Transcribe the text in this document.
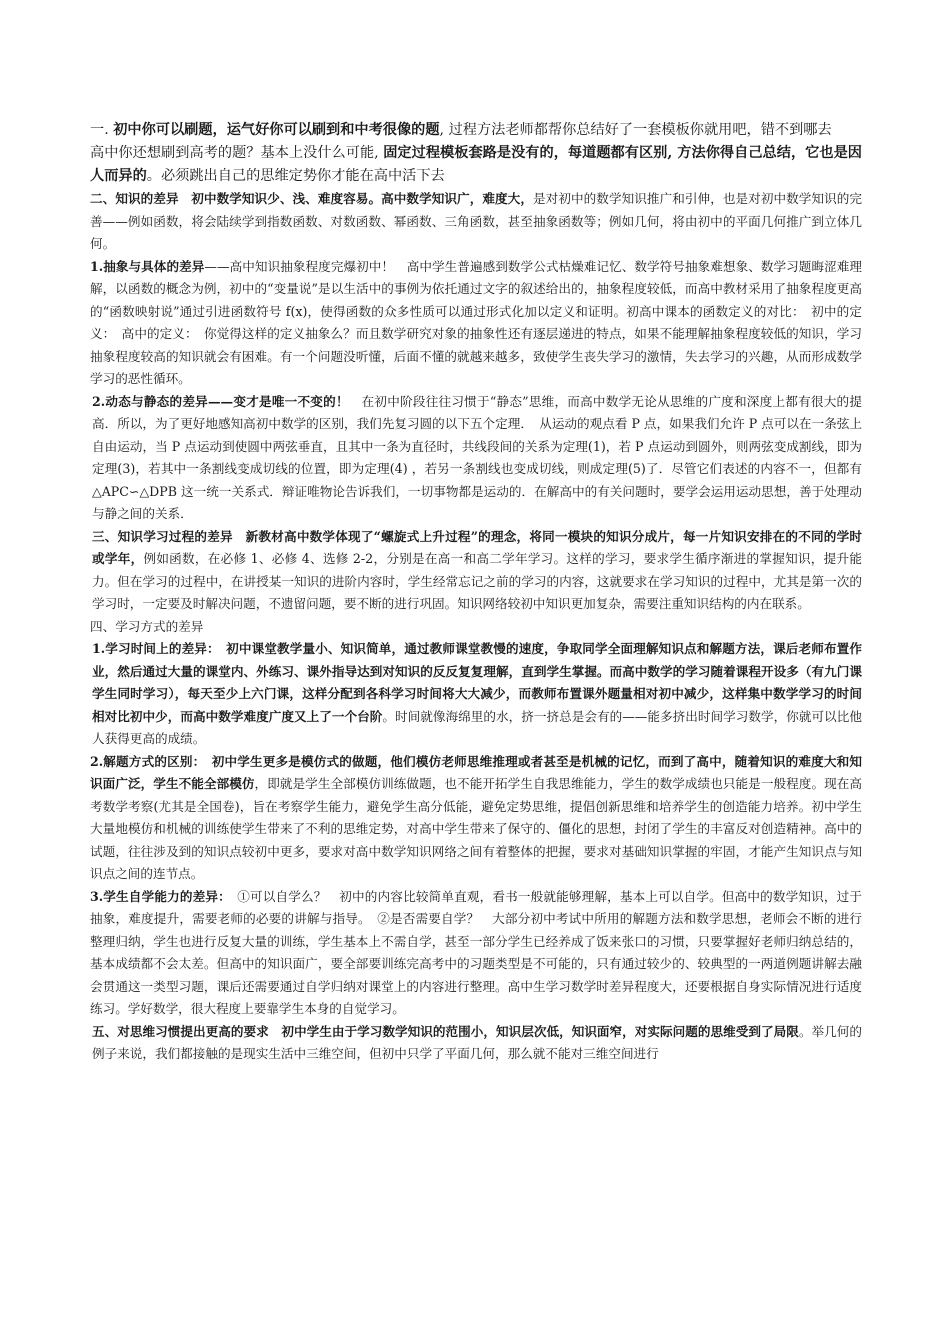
一. 初中你可以刷题，运气好你可以刷到和中考很像的题, 过程方法老师都帮你总结好了一套模板你就用吧，错不到哪去

高中你还想刷到高考的题？基本上没什么可能, 固定过程模板套路是没有的，每道题都有区别, 方法你得自己总结，它也是因人而异的。必须跳出自己的思维定势你才能在高中活下去

二、知识的差异　初中数学知识少、浅、难度容易。高中数学知识广，难度大，是对初中的数学知识推广和引伸，也是对初中数学知识的完善——例如函数，将会陆续学到指数函数、对数函数、幂函数、三角函数，甚至抽象函数等；例如几何，将由初中的平面几何推广到立体几何。

1.抽象与具体的差异——高中知识抽象程度完爆初中！　高中学生普遍感到数学公式枯燥难记忆、数学符号抽象难想象、数学习题晦涩难理解，以函数的概念为例，初中的“变量说”是以生活中的事例为依托通过文字的叙述给出的，抽象程度较低，而高中教材采用了抽象程度更高的“函数映射说”通过引进函数符号 f(x)，使得函数的众多性质可以通过形式化加以定义和证明。初高中课本的函数定义的对比：　初中的定义：　高中的定义：　你觉得这样的定义抽象么？而且数学研究对象的抽象性还有逐层递进的特点，如果不能理解抽象程度较低的知识，学习抽象程度较高的知识就会有困难。有一个问题没听懂，后面不懂的就越来越多，致使学生丧失学习的激情，失去学习的兴趣，从而形成数学学习的恶性循环。

2.动态与静态的差异——变才是唯一不变的！　在初中阶段往往习惯于“静态”思维，而高中数学无论从思维的广度和深度上都有很大的提高．所以，为了更好地感知高初中数学的区别，我们先复习圆的以下五个定理．　从运动的观点看 P 点，如果我们允许 P 点可以在一条弦上自由运动，当 P 点运动到使圆中两弦垂直，且其中一条为直径时，共线段间的关系为定理(1)，若 P 点运动到圆外，则两弦变成割线，即为定理(3)，若其中一条割线变成切线的位置，即为定理(4) ，若另一条割线也变成切线，则成定理(5)了．尽管它们表述的内容不一，但都有△APC∽△DPB 这一统一关系式．辩证唯物论告诉我们，一切事物都是运动的．在解高中的有关问题时，要学会运用运动思想，善于处理动与静之间的关系．

三、知识学习过程的差异　新教材高中数学体现了“螺旋式上升过程”的理念，将同一模块的知识分成片，每一片知识安排在的不同的学时或学年，例如函数，在必修 1、必修 4、选修 2-2，分别是在高一和高二学年学习。这样的学习，要求学生循序渐进的掌握知识，提升能力。但在学习的过程中，在讲授某一知识的进阶内容时，学生经常忘记之前的学习的内容，这就要求在学习知识的过程中，尤其是第一次的学习时，一定要及时解决问题，不遗留问题，要不断的进行巩固。知识网络较初中知识更加复杂，需要注重知识结构的内在联系。

四、学习方式的差异

1.学习时间上的差异：　初中课堂教学量小、知识简单，通过教师课堂教慢的速度，争取同学全面理解知识点和解题方法，课后老师布置作业，然后通过大量的课堂内、外练习、课外指导达到对知识的反反复复理解，直到学生掌握。而高中数学的学习随着课程开设多（有九门课学生同时学习），每天至少上六门课，这样分配到各科学习时间将大大减少，而教师布置课外题量相对初中减少，这样集中数学学习的时间相对比初中少，而高中数学难度广度又上了一个台阶。时间就像海绵里的水，挤一挤总是会有的——能多挤出时间学习数学，你就可以比他人获得更高的成绩。

2.解题方式的区别：　初中学生更多是模仿式的做题，他们模仿老师思维推理或者甚至是机械的记忆，而到了高中，随着知识的难度大和知识面广泛，学生不能全部模仿，即就是学生全部模仿训练做题，也不能开拓学生自我思维能力，学生的数学成绩也只能是一般程度。现在高考数学考察(尤其是全国卷)，旨在考察学生能力，避免学生高分低能，避免定势思维，提倡创新思维和培养学生的创造能力培养。初中学生大量地模仿和机械的训练使学生带来了不利的思维定势，对高中学生带来了保守的、僵化的思想，封闭了学生的丰富反对创造精神。高中的试题，往往涉及到的知识点较初中更多，要求对高中数学知识网络之间有着整体的把握，要求对基础知识掌握的牢固，才能产生知识点与知识点之间的连节点。

3.学生自学能力的差异：　①可以自学么？　初中的内容比较简单直观，看书一般就能够理解，基本上可以自学。但高中的数学知识，过于抽象，难度提升，需要老师的必要的讲解与指导。　②是否需要自学？　大部分初中考试中所用的解题方法和数学思想，老师会不断的进行整理归纳，学生也进行反复大量的训练，学生基本上不需自学，甚至一部分学生已经养成了饭来张口的习惯，只要掌握好老师归纳总结的，基本成绩都不会太差。但高中的知识面广，要全部要训练完高考中的习题类型是不可能的，只有通过较少的、较典型的一两道例题讲解去融会贯通这一类型习题，课后还需要通过自学归纳对课堂上的内容进行整理。高中生学习数学时差异程度大，还要根据自身实际情况进行适度练习。学好数学，很大程度上要靠学生本身的自觉学习。

五、对思维习惯提出更高的要求　初中学生由于学习数学知识的范围小，知识层次低，知识面窄，对实际问题的思维受到了局限。举几何的例子来说，我们都接触的是现实生活中三维空间，但初中只学了平面几何，那么就不能对三维空间进行
